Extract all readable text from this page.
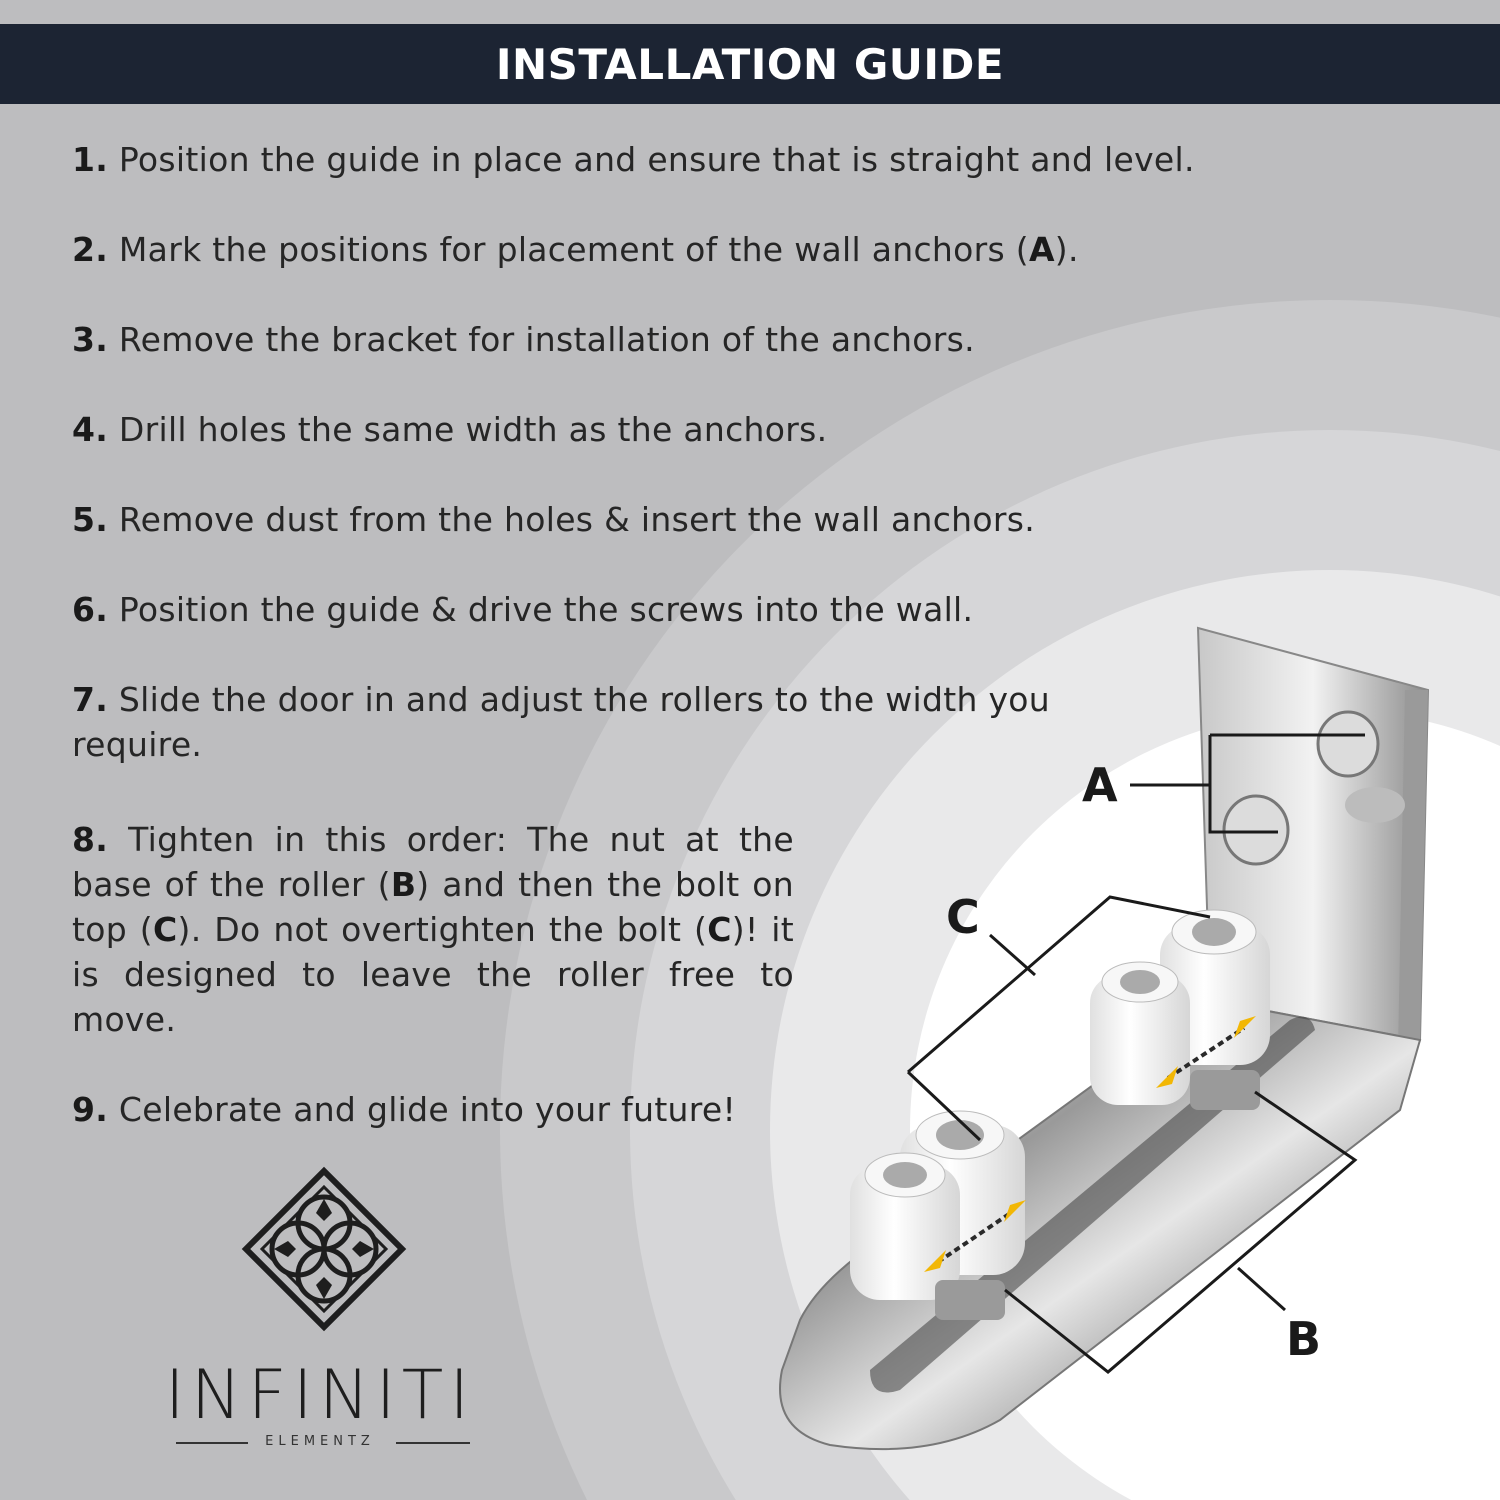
INSTALLATION GUIDE
1. Position the guide in place and ensure that is straight and level.
2. Mark the positions for placement of the wall anchors (A).
3. Remove the bracket for installation of the anchors.
4. Drill holes the same width as the anchors.
5. Remove dust from the holes & insert the wall anchors.
6. Position the guide & drive the screws into the wall.
7. Slide the door in and adjust the rollers to the width you require.
8. Tighten in this order: The nut at the base of the roller (B) and then the bolt on top (C). Do not overtighten the bolt (C)! it is designed to leave the roller free to move.
9. Celebrate and glide into your future!
INFINITI
ELEMENTZ
A
C
B
